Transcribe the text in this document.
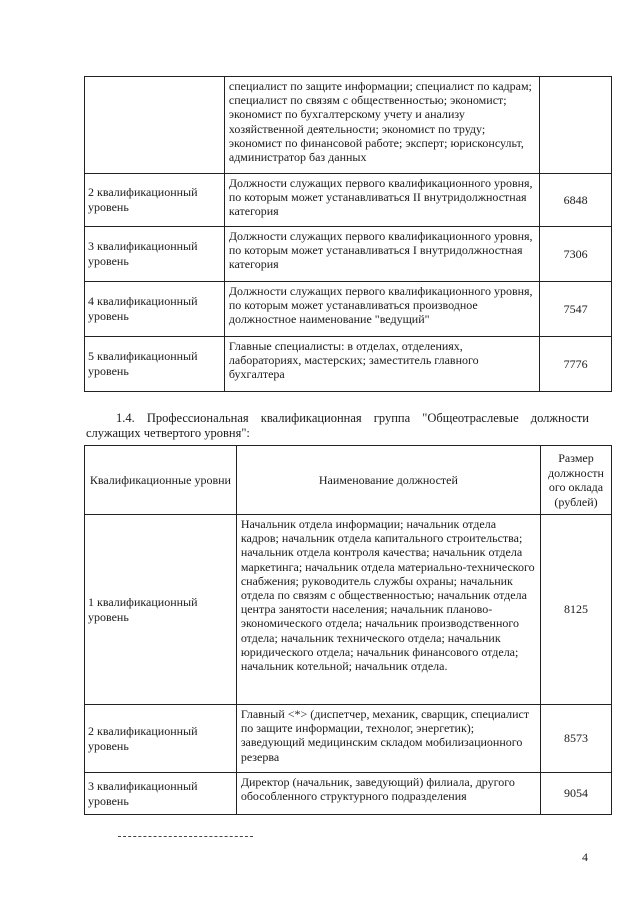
	специалист по защите информации; специалист по кадрам; специалист по связям с общественностью; экономист; экономист по бухгалтерскому учету и анализу хозяйственной деятельности; экономист по труду; экономист по финансовой работе; эксперт; юрисконсульт, администратор баз данных	
2 квалификационный уровень	Должности служащих первого квалификационного уровня, по которым может устанавливаться II внутридолжностная категория	6848
3 квалификационный уровень	Должности служащих первого квалификационного уровня, по которым может устанавливаться I внутридолжностная категория	7306
4 квалификационный уровень	Должности служащих первого квалификационного уровня, по которым может устанавливаться производное должностное наименование "ведущий"	7547
5 квалификационный уровень	Главные специалисты: в отделах, отделениях, лабораториях, мастерских; заместитель главного бухгалтера	7776
1.4. Профессиональная квалификационная группа "Общеотраслевые должности служащих четвертого уровня":
Квалификационные уровни	Наименование должностей	Размер должностн ого оклада (рублей)
1 квалификационный уровень	Начальник отдела информации; начальник отдела кадров; начальник отдела капитального строительства; начальник отдела контроля качества; начальник отдела маркетинга; начальник отдела материально-технического снабжения; руководитель службы охраны; начальник отдела по связям с общественностью; начальник отдела центра занятости населения; начальник планово-экономического отдела; начальник производственного отдела; начальник технического отдела; начальник юридического отдела; начальник финансового отдела; начальник котельной; начальник отдела.	8125
2 квалификационный уровень	Главный <*> (диспетчер, механик, сварщик, специалист по защите информации, технолог, энергетик); заведующий медицинским складом мобилизационного резерва	8573
3 квалификационный уровень	Директор (начальник, заведующий) филиала, другого обособленного структурного подразделения	9054
4
